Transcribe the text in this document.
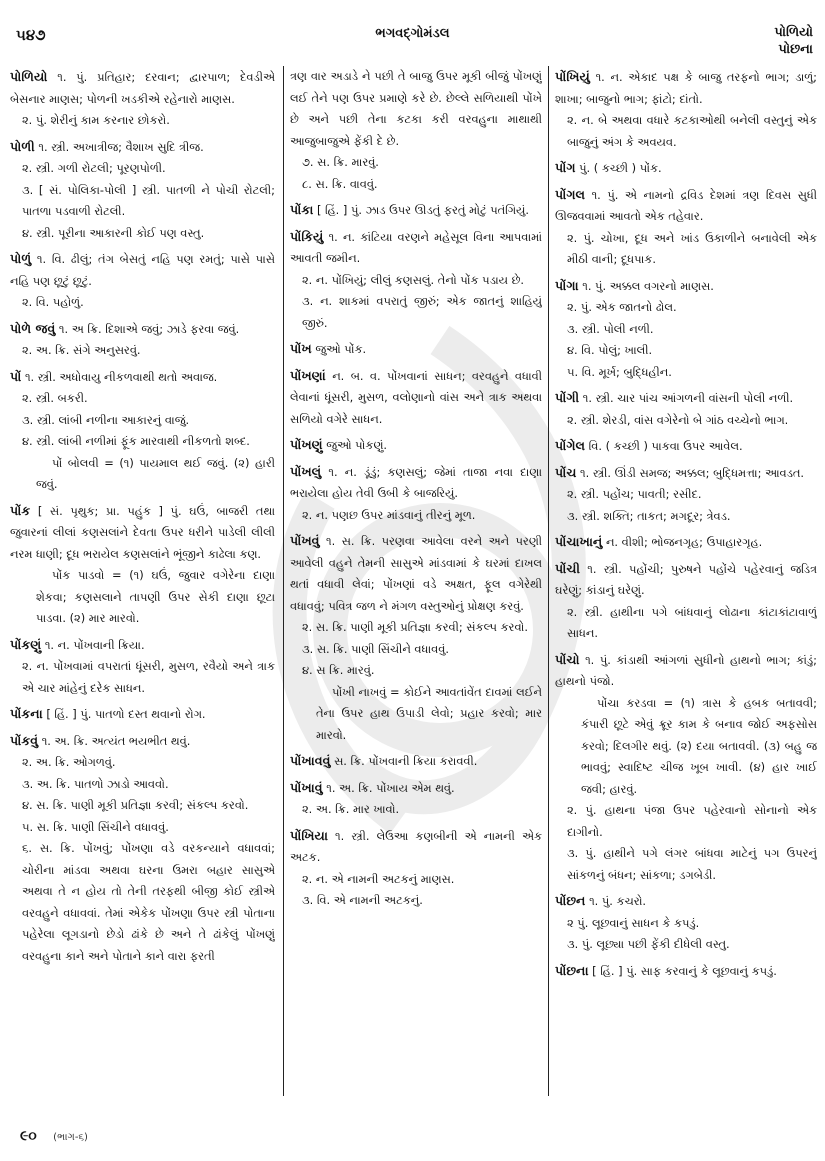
૫૪૭	ભગવદ્ગોમંડલ	પોળિયો
પોછના
પોળિયો ૧. પું. પ્રતિહાર; દરવાન; દ્વારપાળ; દેવડીએ બેસનાર માણસ; પોળની ખડકીએ રહેનારો માણસ.
૨. પું. શેરીનું કામ કરનાર છોકરો.
પોળી ૧. સ્ત્રી. અખાત્રીજ; વૈશાખ સુદિ ત્રીજ.
૨. સ્ત્રી. ગળી રોટલી; પૂરણપોળી.
૩. [ સં. પોલિકા-પોલી ] સ્ત્રી. પાતળી ને પોચી રોટલી; પાતળા પડવાળી રોટલી.
૪. સ્ત્રી. પૂરીના આકારની કોઈ પણ વસ્તુ.
પોળું ૧. વિ. ઢીલું; તંગ બેસતું નહિ પણ રમતું; પાસે પાસે નહિ પણ છૂટું છૂટું.
૨. વિ. પહોળું.
પોળે જવું ૧. અ ક્રિ. દિશાએ જવું; ઝાડે ફરવા જવું.
૨. અ. ક્રિ. સંગે અનુસરવું.
પોં ૧. સ્ત્રી. અધોવાયુ નીકળવાથી થતો અવાજ.
૨. સ્ત્રી. બકરી.
૩. સ્ત્રી. લાંબી નળીના આકારનું વાજું.
૪. સ્ત્રી. લાંબી નળીમાં ફૂંક મારવાથી નીકળતો શબ્દ.
પોં બોલવી = (૧) પાયમાલ થઈ જવું. (૨) હારી જવું.
પોંક [ સં. પૃથુક; પ્રા. પહુંક ] પું. ઘઉં, બાજરી તથા જુવારનાં લીલાં કણસલાંને દેવતા ઉપર ધરીને પાડેલી લીલી નરમ ધાણી; દૂધ ભરાયેલ કણસલાંને ભૂંજીને કાઢેલા કણ.
પોંક પાડવો = (૧) ઘઉં, જુવાર વગેરેના દાણા શેકવા; કણસલાને તાપણી ઉપર સેકી દાણા છૂટા પાડવા. (૨) માર મારવો.
પોંકણું ૧. ન. પોંખવાની ક્રિયા.
૨. ન. પોંખવામાં વપરાતાં ધૂંસરી, મુસળ, રવૈયો અને ત્રાક એ ચાર માંહેનું દરેક સાધન.
પોંકના [ હિં. ] પું. પાતળો દસ્ત થવાનો રોગ.
પોંકવું ૧. અ. ક્રિ. અત્યંત ભયભીત થવું.
૨. અ. ક્રિ. ઓગળવું.
૩. અ. ક્રિ. પાતળો ઝાડો આવવો.
૪. સ. ક્રિ. પાણી મૂકી પ્રતિજ્ઞા કરવી; સંકલ્પ કરવો.
૫. સ. ક્રિ. પાણી સિંચીને વધાવવું.
૬. સ. ક્રિ. પોંખવું; પોંખણા વડે વરકન્યાને વધાવવાં; ચોરીના માંડવા અથવા ઘરના ઉમરા બહાર સાસુએ અથવા તે ન હોય તો તેની તરફથી બીજી કોઈ સ્ત્રીએ વરવહુને વધાવવાં. તેમાં એકેક પોંખણા ઉપર સ્ત્રી પોતાના પહેરેલા લૂગડાનો છેડો ઢાંકે છે અને તે ઢાંકેલું પોંખણું વરવહુના કાને અને પોતાને કાને વારા ફરતી
ત્રણ વાર અડાડે ને પછી તે બાજુ ઉપર મૂકી બીજું પોંખણું લઈ તેને પણ ઉપર પ્રમાણે કરે છે. છેલ્લે સળિયાથી પોંખે છે અને પછી તેના કટકા કરી વરવહુના માથાથી આજુબાજુએ ફેંકી દે છે.
૭. સ. ક્રિ. મારવું.
૮. સ. ક્રિ. વાવવું.
પોંકા [ હિં. ] પું. ઝાડ ઉપર ઊડતું ફરતું મોટું પતંગિયું.
પોંકિયું ૧. ન. કાંટિયા વરણને મહેસૂલ વિના આપવામાં આવતી જમીન.
૨. ન. પોંખિયું; લીલું કણસલું. તેનો પોંક પડાય છે.
૩. ન. શાકમાં વપરાતું જીરું; એક જાતનું શાહિયું જીરું.
પોંખ જુઓ પોંક.
પોંખણાં ન. બ. વ. પોંખવાનાં સાધન; વરવહુને વધાવી લેવાનાં ધૂંસરી, મુસળ, વલોણાનો વાંસ અને ત્રાક અથવા સળિયો વગેરે સાધન.
પોંખણું જુઓ પોકણું.
પોંખલું ૧. ન. ડૂંડું; કણસલું; જેમાં તાજા નવા દાણા ભરાયેલા હોય તેવી ઉબી કે બાજરિયું.
૨. ન. પણછ ઉપર માંડવાનું તીરનું મૂળ.
પોંખવું ૧. સ. ક્રિ. પરણવા આવેલા વરને અને પરણી આવેલી વહુને તેમની સાસુએ માંડવામાં કે ઘરમાં દાખલ થતાં વધાવી લેવાં; પોંખણાં વડે અક્ષત, ફૂલ વગેરેથી વધાવવું; પવિત્ર જળ ને મંગળ વસ્તુઓનું પ્રોક્ષણ કરવું.
૨. સ. ક્રિ. પાણી મૂકી પ્રતિજ્ઞા કરવી; સંકલ્પ કરવો.
૩. સ. ક્રિ. પાણી સિંચીને વધાવવું.
૪. સ ક્રિ. મારવું.
પોંખી નાખવું = કોઈને આવતાંવેંત દાવમાં લઈને તેના ઉપર હાથ ઉપાડી લેવો; પ્રહાર કરવો; માર મારવો.
પોંખાવવું સ. ક્રિ. પોંખવાની ક્રિયા કરાવવી.
પોંખાવું ૧. અ. ક્રિ. પોંખાય એમ થવું.
૨. અ. ક્રિ. માર ખાવો.
પોંખિયા ૧. સ્ત્રી. લેઉઆ કણબીની એ નામની એક અટક.
૨. ન. એ નામની અટકનું માણસ.
૩. વિ. એ નામની અટકનું.
પોંખિયું ૧. ન. એકાદ પક્ષ કે બાજુ તરફનો ભાગ; ડાળું; શાખા; બાજુનો ભાગ; ફાંટો; દાંતો.
૨. ન. બે અથવા વધારે કટકાઓથી બનેલી વસ્તુનું એક બાજુનું અંગ કે અવયવ.
પોંગ પું. ( કચ્છી ) પોંક.
પોંગલ ૧. પું. એ નામનો દ્રવિડ દેશમાં ત્રણ દિવસ સુધી ઊજવવામાં આવતો એક તહેવાર.
૨. પું. ચોખા, દૂધ અને ખાંડ ઉકાળીને બનાવેલી એક મીઠી વાની; દૂધપાક.
પોંગા ૧. પું. અક્કલ વગરનો માણસ.
૨. પું. એક જાતનો ઢોલ.
૩. સ્ત્રી. પોલી નળી.
૪. વિ. પોલું; ખાલી.
૫. વિ. મૂર્ખ; બુદ્ધિહીન.
પોંગી ૧. સ્ત્રી. ચાર પાંચ આંગળની વાંસની પોલી નળી.
૨. સ્ત્રી. શેરડી, વાંસ વગેરેનો બે ગાંઠ વચ્ચેનો ભાગ.
પોંગેલ વિ. ( કચ્છી ) પાકવા ઉપર આવેલ.
પોંચ ૧. સ્ત્રી. ઊંડી સમજ; અક્કલ; બુદ્ધિમત્તા; આવડત.
૨. સ્ત્રી. પહોંચ; પાવતી; રસીદ.
૩. સ્ત્રી. શક્તિ; તાકત; મગદૂર; ત્રેવડ.
પોંચાખાનું ન. વીશી; ભોજનગૃહ; ઉપાહારગૃહ.
પોંચી ૧. સ્ત્રી. પહોંચી; પુરુષને પહોંચે પહેરવાનું જડિત્ર ઘરેણું; કાંડાનું ઘરેણું.
૨. સ્ત્રી. હાથીના પગે બાંધવાનું લોઢાના કાંટાકાંટાવાળું સાધન.
પોંચો ૧. પું. કાંડાથી આંગળાં સુધીનો હાથનો ભાગ; કાંડું; હાથનો પંજો.
પોંચા કરડવા = (૧) ત્રાસ કે હબક બતાવવી; કંપારી છૂટે એવું ક્રૂર કામ કે બનાવ જોઈ અફસોસ કરવો; દિલગીર થવું. (૨) દયા બતાવવી. (૩) બહુ જ ભાવવું; સ્વાદિષ્ટ ચીજ ખૂબ ખાવી. (૪) હાર ખાઈ જવી; હારવું.
૨. પું. હાથના પંજા ઉપર પહેરવાનો સોનાનો એક દાગીનો.
૩. પું. હાથીને પગે લંગર બાંધવા માટેનું પગ ઉપરનું સાંકળનું બંધન; સાંકળા; ડગબેડી.
પોંછન ૧. પું. કચરો.
૨ પું. લૂછવાનું સાધન કે કપડું.
૩. પું. લૂછ્યા પછી ફેંકી દીધેલી વસ્તુ.
પોંછના [ હિં. ] પું. સાફ કરવાનું કે લૂછવાનું કપડું.
૯૦ (ભાગ-૬)
